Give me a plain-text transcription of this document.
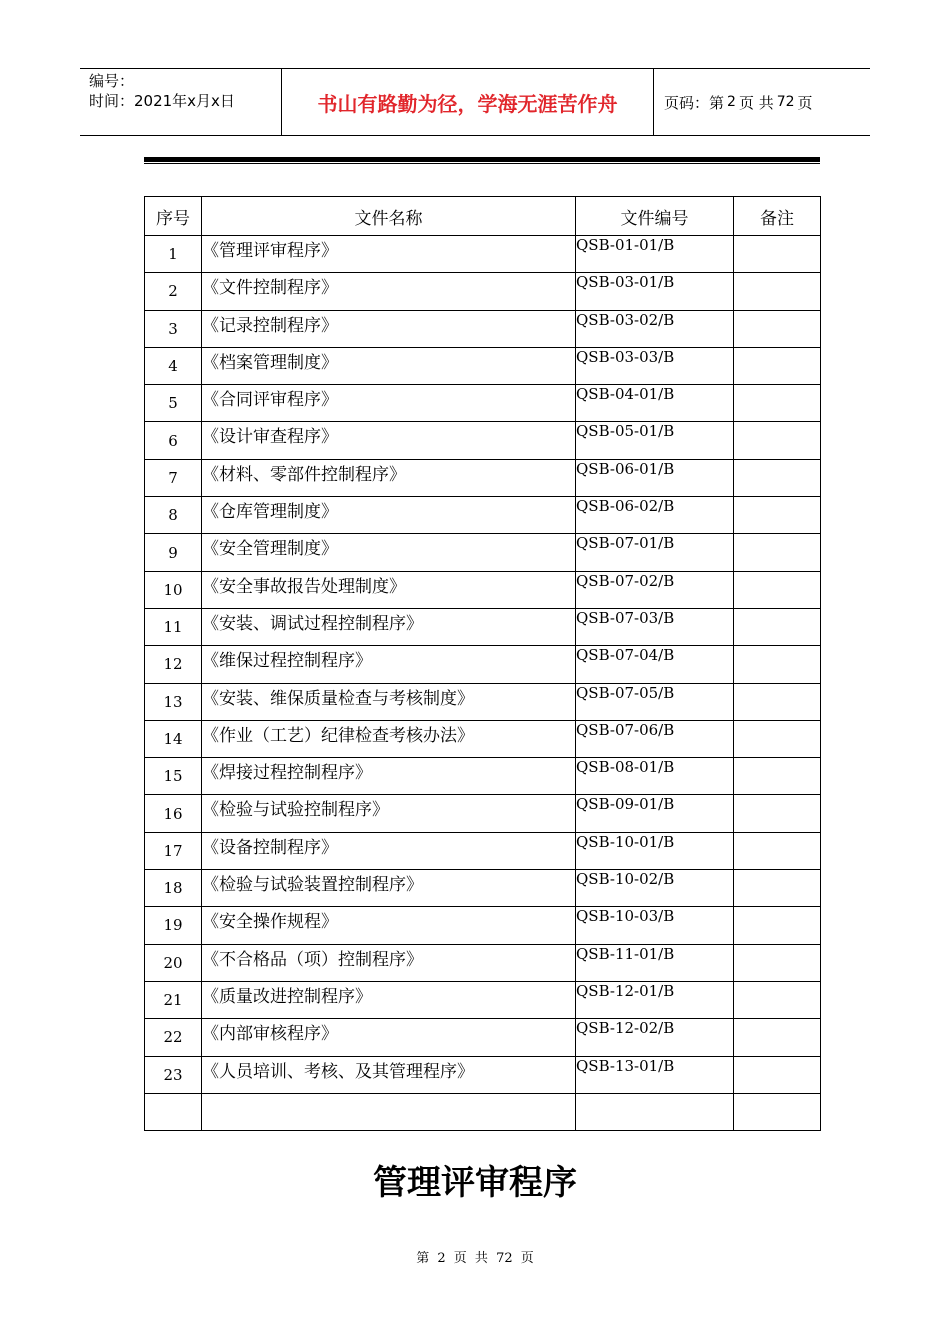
编号：
时间：2021年x月x日	书山有路勤为径，学海无涯苦作舟	页码：第 2 页 共 72 页
序号	文件名称	文件编号	备注
1	《管理评审程序》	QSB-01-01/B	
2	《文件控制程序》	QSB-03-01/B	
3	《记录控制程序》	QSB-03-02/B	
4	《档案管理制度》	QSB-03-03/B	
5	《合同评审程序》	QSB-04-01/B	
6	《设计审查程序》	QSB-05-01/B	
7	《材料、零部件控制程序》	QSB-06-01/B	
8	《仓库管理制度》	QSB-06-02/B	
9	《安全管理制度》	QSB-07-01/B	
10	《安全事故报告处理制度》	QSB-07-02/B	
11	《安装、调试过程控制程序》	QSB-07-03/B	
12	《维保过程控制程序》	QSB-07-04/B	
13	《安装、维保质量检查与考核制度》	QSB-07-05/B	
14	《作业（工艺）纪律检查考核办法》	QSB-07-06/B	
15	《焊接过程控制程序》	QSB-08-01/B	
16	《检验与试验控制程序》	QSB-09-01/B	
17	《设备控制程序》	QSB-10-01/B	
18	《检验与试验装置控制程序》	QSB-10-02/B	
19	《安全操作规程》	QSB-10-03/B	
20	《不合格品（项）控制程序》	QSB-11-01/B	
21	《质量改进控制程序》	QSB-12-01/B	
22	《内部审核程序》	QSB-12-02/B	
23	《人员培训、考核、及其管理程序》	QSB-13-01/B	

管理评审程序
第 2 页 共 72 页
